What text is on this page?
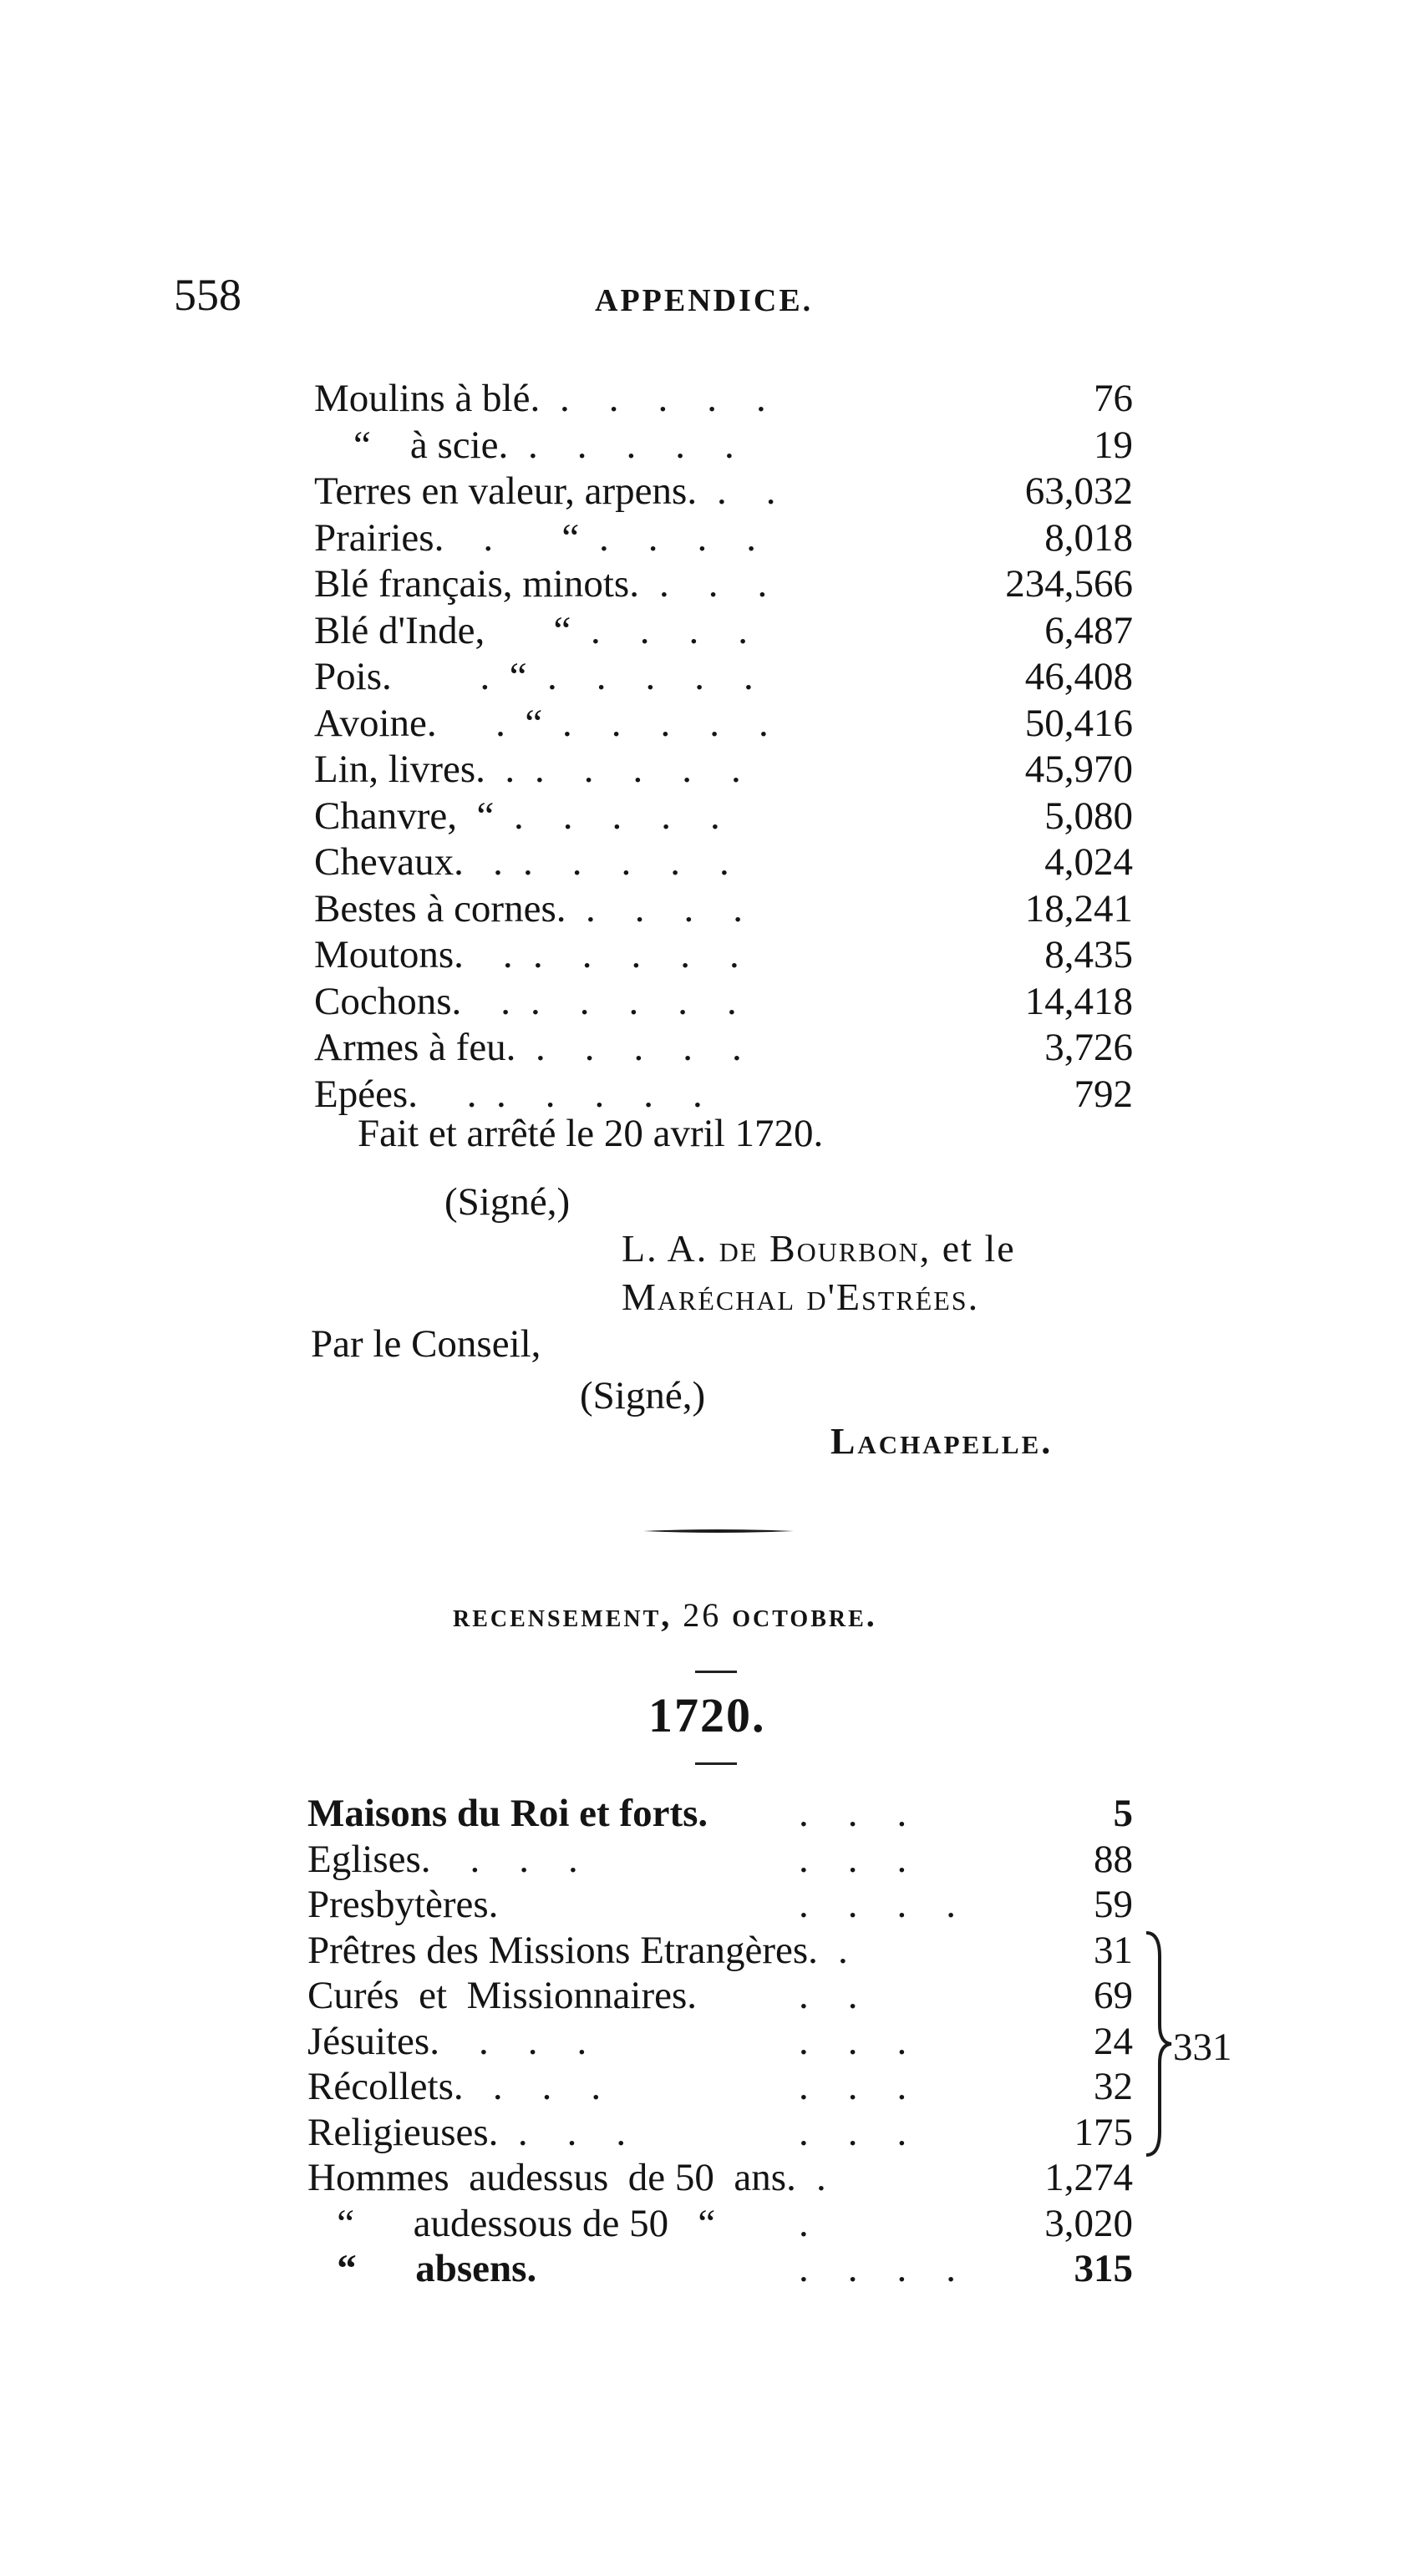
558	APPENDICE.
Moulins à blé. .    .    .    .    .	76
“    à scie. .    .    .    .    .	19
Terres en valeur, arpens. .    .	63,032
Prairies.    .       “ .    .    .    .	8,018
Blé français, minots. .    .    .	234,566
Blé d'Inde,       “ .    .    .    .	6,487
Pois.         .  “ .    .    .    .    .	46,408
Avoine.      .  “ .    .    .    .    .	50,416
Lin, livres.  . .    .    .    .    .	45,970
Chanvre,  “ .    .    .    .    .	5,080
Chevaux.   . .    .    .    .    .	4,024
Bestes à cornes. .    .    .    .	18,241
Moutons.    . .    .    .    .    .	8,435
Cochons.    . .    .    .    .    .	14,418
Armes à feu. .    .    .    .    .	3,726
Epées.     . .    .    .    .    .	792
Fait et arrêté le 20 avril 1720.
(Signé,)
L. A. de Bourbon, et le
Maréchal d'Estrées.
Par le Conseil,
(Signé,)
Lachapelle.
recensement, 26 octobre.
1720.
Maisons du Roi et forts. .    .    .	5
Eglises.    .    .    .	.    .    .	88
Presbytères.	.    .    .    .	59
Prêtres des Missions Etrangères. .	31
Curés  et  Missionnaires.	.    .	69
Jésuites.    .    .    .	.    .    .	24
Récollets.   .    .    .	.    .    .	32
Religieuses.  .    .    .	.    .    .	175
Hommes  audessus  de 50  ans. .	1,274
“      audessous de 50   “ .	3,020
“      absens.	.    .    .    .	315
331
